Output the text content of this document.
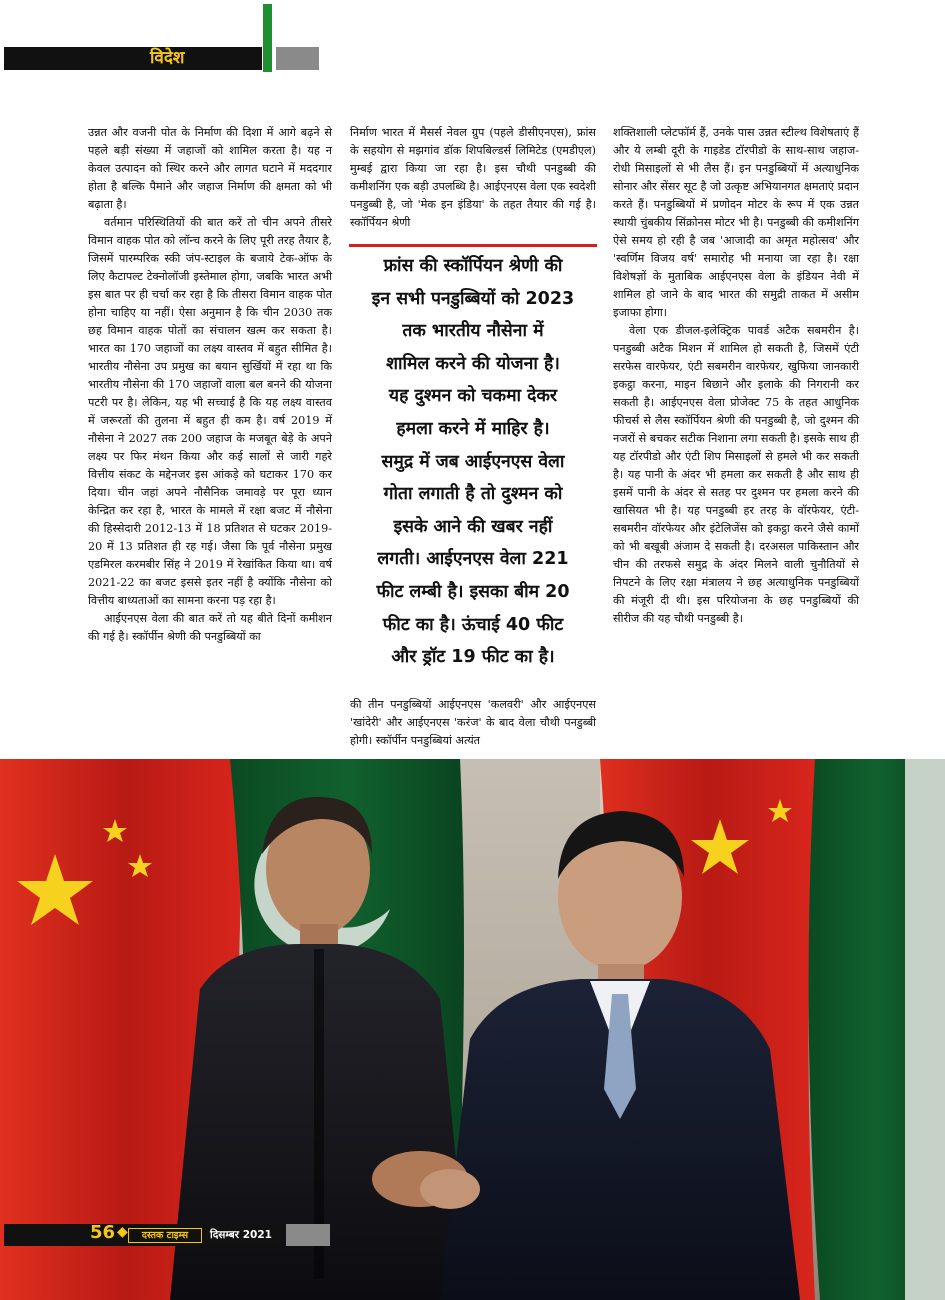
विदेश

उन्नत और वजनी पोत के निर्माण की दिशा में आगे बढ़ने से पहले बड़ी संख्या में जहाजों को शामिल करता है। यह न केवल उत्पादन को स्थिर करने और लागत घटाने में मददगार होता है बल्कि पैमाने और जहाज निर्माण की क्षमता को भी बढ़ाता है।

वर्तमान परिस्थितियों की बात करें तो चीन अपने तीसरे विमान वाहक पोत को लॉन्च करने के लिए पूरी तरह तैयार है, जिसमें पारम्परिक स्की जंप-स्टाइल के बजाये टेक-ऑफ के लिए कैटापल्ट टेक्नोलॉजी इस्तेमाल होगा, जबकि भारत अभी इस बात पर ही चर्चा कर रहा है कि तीसरा विमान वाहक पोत होना चाहिए या नहीं। ऐसा अनुमान है कि चीन 2030 तक छह विमान वाहक पोतों का संचालन खत्म कर सकता है। भारत का 170 जहाजों का लक्ष्य वास्तव में बहुत सीमित है। भारतीय नौसेना उप प्रमुख का बयान सुर्खियों में रहा था कि भारतीय नौसेना की 170 जहाजों वाला बल बनने की योजना पटरी पर है। लेकिन, यह भी सच्चाई है कि यह लक्ष्य वास्तव में जरूरतों की तुलना में बहुत ही कम है। वर्ष 2019 में नौसेना ने 2027 तक 200 जहाज के मजबूत बेड़े के अपने लक्ष्य पर फिर मंथन किया और कई सालों से जारी गहरे वित्तीय संकट के मद्देनजर इस आंकड़े को घटाकर 170 कर दिया। चीन जहां अपने नौसैनिक जमावड़े पर पूरा ध्यान केन्द्रित कर रहा है, भारत के मामले में रक्षा बजट में नौसेना की हिस्सेदारी 2012-13 में 18 प्रतिशत से घटकर 2019-20 में 13 प्रतिशत ही रह गई। जैसा कि पूर्व नौसेना प्रमुख एडमिरल करमबीर सिंह ने 2019 में रेखांकित किया था। वर्ष 2021-22 का बजट इससे इतर नहीं है क्योंकि नौसेना को वित्तीय बाध्यताओं का सामना करना पड़ रहा है।

आईएनएस वेला की बात करें तो यह बीते दिनों कमीशन की गई है। स्कॉर्पीन श्रेणी की पनडुब्बियों का

निर्माण भारत में मैसर्स नेवल ग्रुप (पहले डीसीएनएस), फ्रांस के सहयोग से मझगांव डॉक शिपबिल्डर्स लिमिटेड (एमडीएल) मुम्बई द्वारा किया जा रहा है। इस चौथी पनडुब्बी की कमीशनिंग एक बड़ी उपलब्धि है। आईएनएस वेला एक स्वदेशी पनडुब्बी है, जो 'मेक इन इंडिया' के तहत तैयार की गई है। स्कॉर्पियन श्रेणी

फ्रांस की स्कॉर्पियन श्रेणी की
इन सभी पनडुब्बियों को 2023
तक भारतीय नौसेना में
शामिल करने की योजना है।
यह दुश्मन को चकमा देकर
हमला करने में माहिर है।
समुद्र में जब आईएनएस वेला
गोता लगाती है तो दुश्मन को
इसके आने की खबर नहीं
लगती। आईएनएस वेला 221
फीट लम्बी है। इसका बीम 20
फीट का है। ऊंचाई 40 फीट
और ड्रॉट 19 फीट का है।

की तीन पनडुब्बियों आईएनएस 'कलवरी' और आईएनएस 'खांदेरी' और आईएनएस 'करंज' के बाद वेला चौथी पनडुब्बी होगी। स्कॉर्पीन पनडुब्बियां अत्यंत

शक्तिशाली प्लेटफॉर्म हैं, उनके पास उन्नत स्टील्थ विशेषताएं हैं और ये लम्बी दूरी के गाइडेड टॉरपीडो के साथ-साथ जहाज-रोधी मिसाइलों से भी लैस हैं। इन पनडुब्बियों में अत्याधुनिक सोनार और सेंसर सूट है जो उत्कृष्ट अभियानगत क्षमताएं प्रदान करते हैं। पनडुब्बियों में प्रणोदन मोटर के रूप में एक उन्नत स्थायी चुंबकीय सिंक्रोनस मोटर भी है। पनडुब्बी की कमीशनिंग ऐसे समय हो रही है जब 'आजादी का अमृत महोत्सव' और 'स्वर्णिम विजय वर्ष' समारोह भी मनाया जा रहा है। रक्षा विशेषज्ञों के मुताबिक आईएनएस वेला के इंडियन नेवी में शामिल हो जाने के बाद भारत की समुद्री ताकत में असीम इजाफा होगा।

वेला एक डीजल-इलेक्ट्रिक पावर्ड अटैक सबमरीन है। पनडुब्बी अटैक मिशन में शामिल हो सकती है, जिसमें एंटी सरफेस वारफेयर, एंटी सबमरीन वारफेयर, खुफिया जानकारी इकट्ठा करना, माइन बिछाने और इलाके की निगरानी कर सकती है। आईएनएस वेला प्रोजेक्ट 75 के तहत आधुनिक फीचर्स से लैस स्कॉर्पियन श्रेणी की पनडुब्बी है, जो दुश्मन की नजरों से बचकर सटीक निशाना लगा सकती है। इसके साथ ही यह टॉरपीडो और एंटी शिप मिसाइलों से हमले भी कर सकती है। यह पानी के अंदर भी हमला कर सकती है और साथ ही इसमें पानी के अंदर से सतह पर दुश्मन पर हमला करने की खासियत भी है। यह पनडुब्बी हर तरह के वॉरफेयर, एंटी-सबमरीन वॉरफेयर और इंटेलिजेंस को इकट्ठा करने जैसे कामों को भी बखूबी अंजाम दे सकती है। दरअसल पाकिस्तान और चीन की तरफसे समुद्र के अंदर मिलने वाली चुनौतियों से निपटने के लिए रक्षा मंत्रालय ने छह अत्याधुनिक पनडुब्बियों की मंजूरी दी थी। इस परियोजना के छह पनडुब्बियों की सीरीज की यह चौथी पनडुब्बी है।

56 ◆	दस्तक टाइम्स	दिसम्बर 2021
